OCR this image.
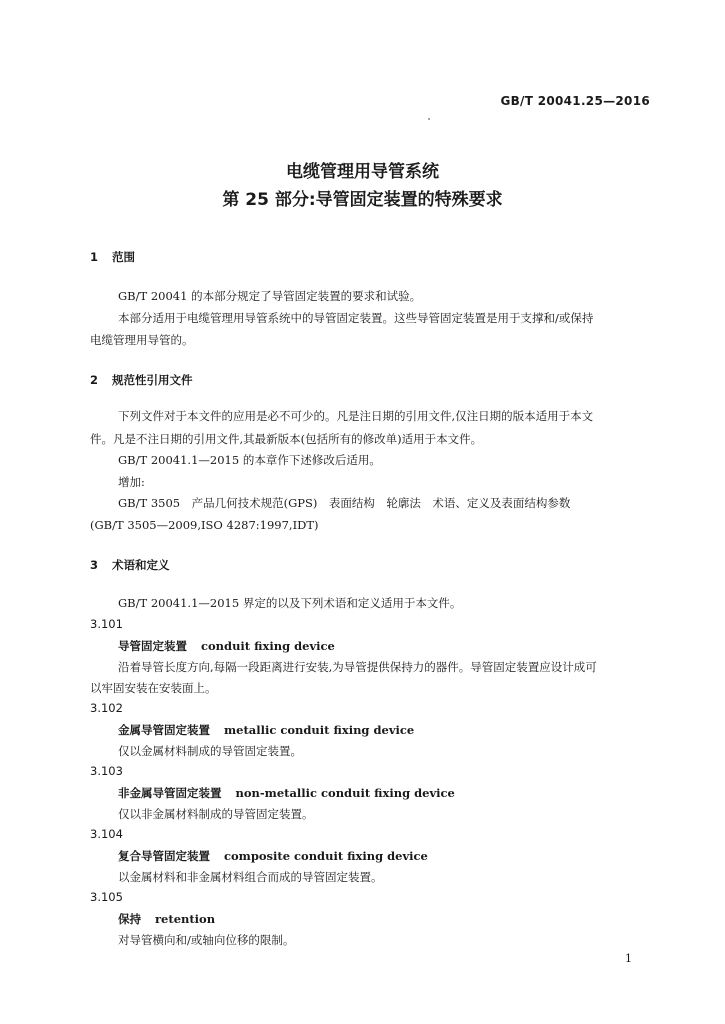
GB/T 20041.25—2016
电缆管理用导管系统
第 25 部分:导管固定装置的特殊要求
1 范围
GB/T 20041 的本部分规定了导管固定装置的要求和试验。
本部分适用于电缆管理用导管系统中的导管固定装置。这些导管固定装置是用于支撑和/或保持
电缆管理用导管的。
2 规范性引用文件
下列文件对于本文件的应用是必不可少的。凡是注日期的引用文件,仅注日期的版本适用于本文
件。凡是不注日期的引用文件,其最新版本(包括所有的修改单)适用于本文件。
GB/T 20041.1—2015 的本章作下述修改后适用。
增加:
GB/T 3505　产品几何技术规范(GPS)　表面结构　轮廓法　术语、定义及表面结构参数
(GB/T 3505—2009,ISO 4287:1997,IDT)
3 术语和定义
GB/T 20041.1—2015 界定的以及下列术语和定义适用于本文件。
3.101
导管固定装置 conduit fixing device
沿着导管长度方向,每隔一段距离进行安装,为导管提供保持力的器件。导管固定装置应设计成可
以牢固安装在安装面上。
3.102
金属导管固定装置 metallic conduit fixing device
仅以金属材料制成的导管固定装置。
3.103
非金属导管固定装置 non-metallic conduit fixing device
仅以非金属材料制成的导管固定装置。
3.104
复合导管固定装置 composite conduit fixing device
以金属材料和非金属材料组合而成的导管固定装置。
3.105
保持 retention
对导管横向和/或轴向位移的限制。
1
